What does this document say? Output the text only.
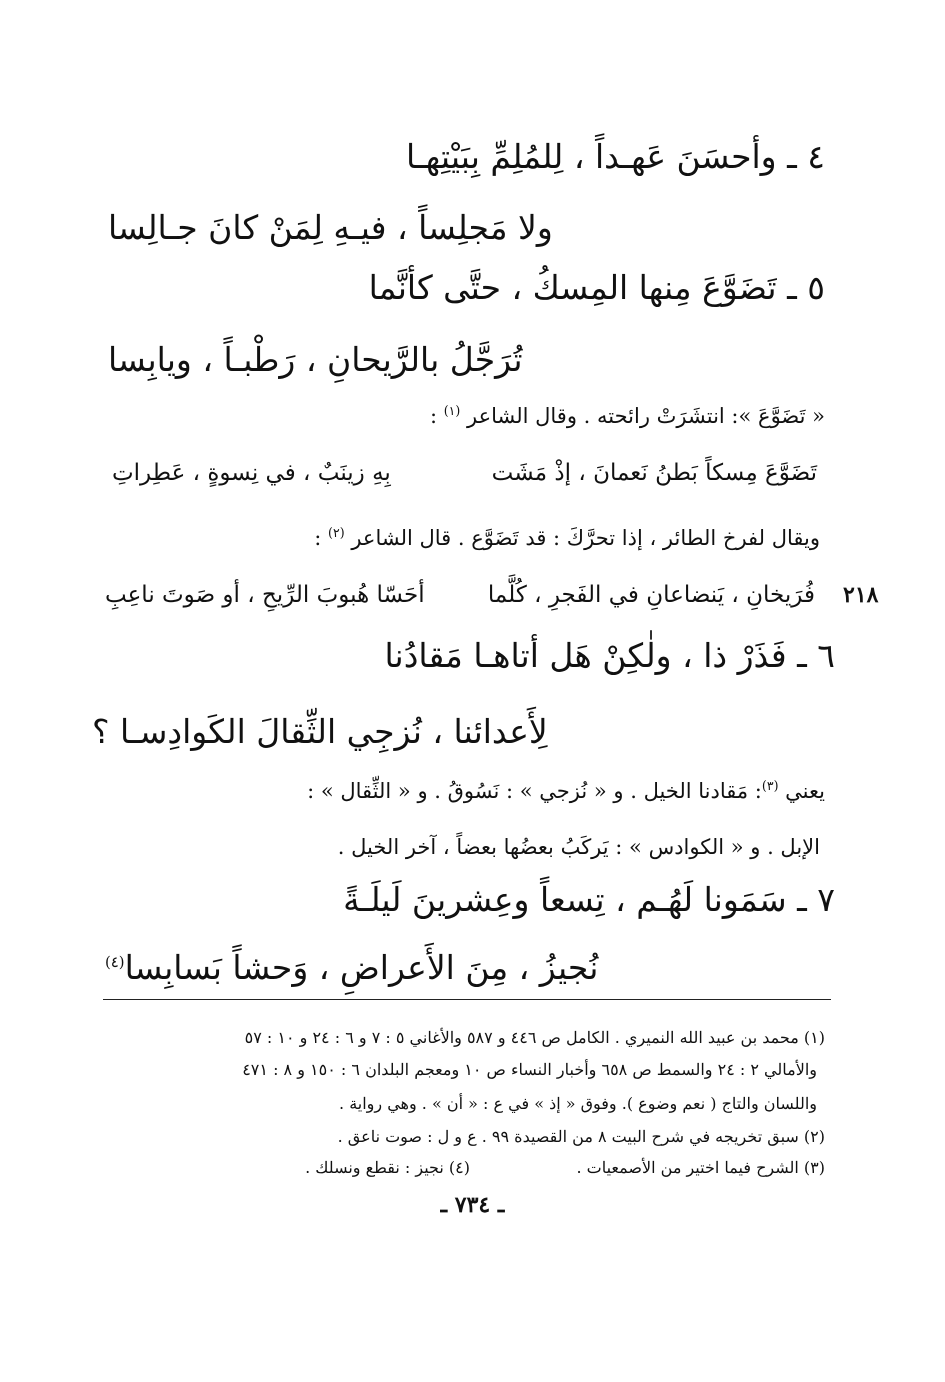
٤ ـ وأحسَنَ عَهـداً ، لِلمُلِمِّ بِبَيْتِهـا
ولا مَجلِساً ، فيـهِ لِمَنْ كانَ جـالِسا
٥ ـ تَضَوَّعَ مِنها المِسكُ ، حتَّى كأنَّما
تُرَجَّلُ بالرَّيحانِ ، رَطْبـاً ، ويابِسا
« تَضَوَّعَ »: انتشَرَتْ رائحته . وقال الشاعر $^{(١)}$ :
تَضَوَّعَ مِسكاً بَطنُ نَعمانَ ، إذْ مَشَت
بِهِ زينَبٌ ، في نِسوةٍ ، عَطِراتِ
ويقال لفرخ الطائر ، إذا تحرَّكَ : قد تَضَوَّع . قال الشاعر $^{(٢)}$ :
٢١٨
فُرَيخانِ ، يَنضاعانِ في الفَجرِ ، كُلَّما
أحَسّا هُبوبَ الرِّيحِ ، أو صَوتَ ناعِبِ
٦ ـ فَذَرْ ذا ، ولٰكِنْ هَل أتاهـا مَقادُنا
لِأَعدائنا ، نُزجِي الثِّقالَ الكَوادِسـا ؟
يعني $^{(٣)}$: مَقادنا الخيل . و « نُزجي » : نَسُوقُ . و « الثِّقال » :
الإبل . و « الكوادس » : يَركَبُ بعضُها بعضاً ، آخر الخيل .
٧ ـ سَمَونا لَهُـم ، تِسعاً وعِشرينَ لَيلَـةً
نُجيزُ ، مِنَ الأَعراضِ ، وَحشاً بَسابِسا$^{(٤)}$
(١) محمد بن عبيد الله النميري . الكامل ص ٤٤٦ و ٥٨٧ والأغاني ٥ : ٧ و ٦ : ٢٤ و ١٠ : ٥٧
والأمالي ٢ : ٢٤ والسمط ص ٦٥٨ وأخبار النساء ص ١٠ ومعجم البلدان ٦ : ١٥٠ و ٨ : ٤٧١
واللسان والتاج ( نعم وضوع ). وفوق « إذ » في ع : « أن » . وهي رواية .
(٢) سبق تخريجه في شرح البيت ٨ من القصيدة ٩٩ . ع و ل : صوت ناعق .
(٣) الشرح فيما اختير من الأصمعيات .
(٤) نجيز : نقطع ونسلك .
ـ ٧٣٤ ـ
